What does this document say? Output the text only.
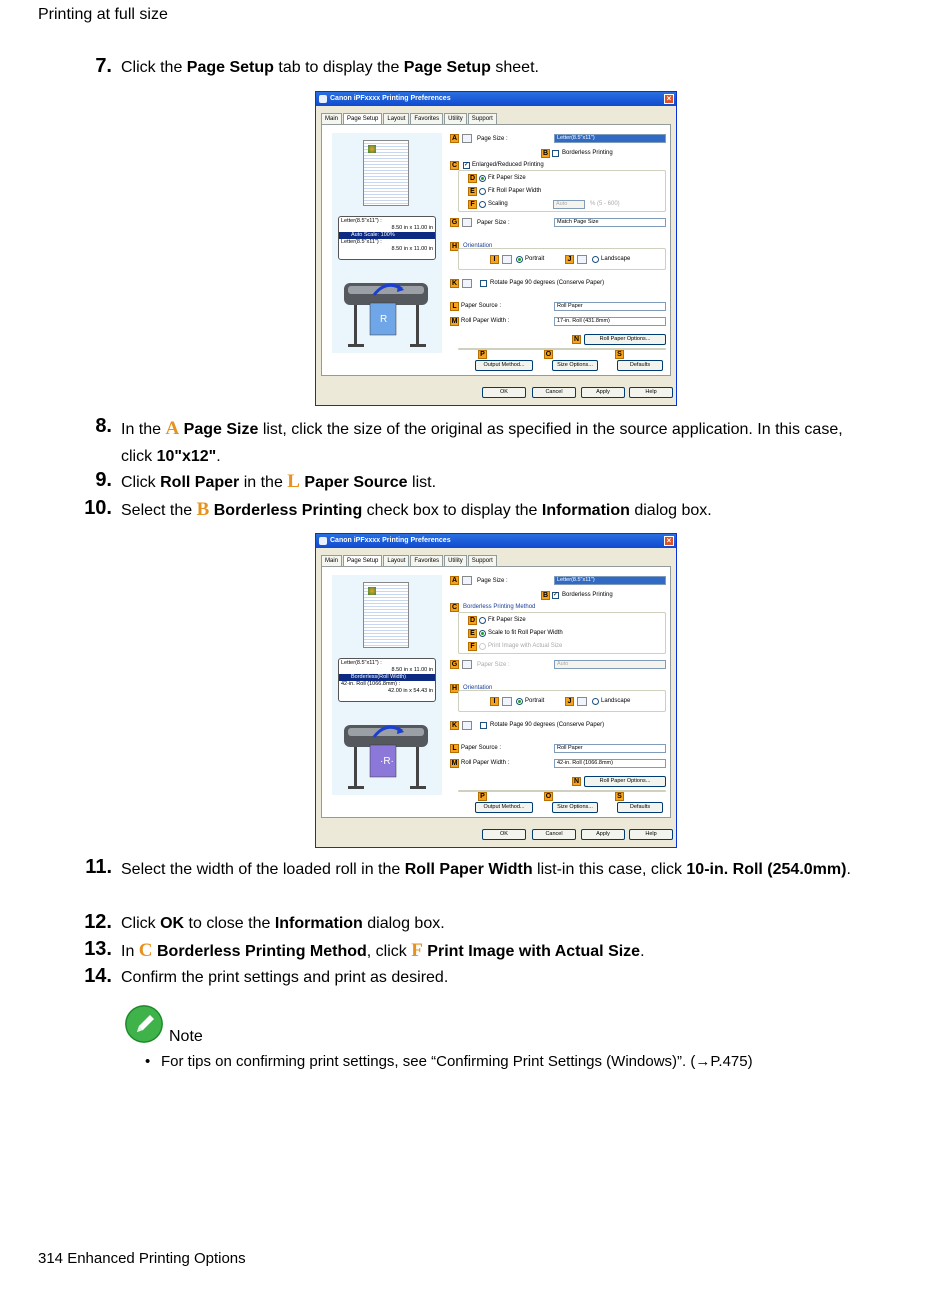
Printing at full size
7. Click the Page Setup tab to display the Page Setup sheet.
8. In the A Page Size list, click the size of the original as specified in the source application. In this case, click 10"x12".
9. Click Roll Paper in the L Paper Source list.
10. Select the B Borderless Printing check box to display the Information dialog box.
11. Select the width of the loaded roll in the Roll Paper Width list-in this case, click 10-in. Roll (254.0mm).
12. Click OK to close the Information dialog box.
13. In C Borderless Printing Method, click F Print Image with Actual Size.
14. Confirm the print settings and print as desired.
Canon iPFxxxx Printing Preferences	×
Main	Page Setup	Layout	Favorites	Utility	Support
Letter(8.5"x11") :
8.50 in x 11.00 in
Auto Scale: 100%
Letter(8.5"x11") :
8.50 in x 11.00 in
R
A	Page Size :	Letter(8.5"x11")
B	Borderless Printing
C	✓ Enlarged/Reduced Printing
D	Fit Paper Size
E	Fit Roll Paper Width
F	Scaling	Auto	% (5 - 600)
G	Paper Size :	Match Page Size
H Orientation
I	Portrait	J	Landscape
K	Rotate Page 90 degrees (Conserve Paper)
L Paper Source :	Roll Paper
M Roll Paper Width :	17-in. Roll (431.8mm)
N	Roll Paper Options...
P	O	S
Output Method...	Size Options...	Defaults
OK	Cancel	Apply	Help
Canon iPFxxxx Printing Preferences	×
Main	Page Setup	Layout	Favorites	Utility	Support
Letter(8.5"x11") :
8.50 in x 11.00 in
Borderless(Roll Width)
42-in. Roll (1066.8mm) :
42.00 in x 54.43 in
·R·
A	Page Size :	Letter(8.5"x11")
B ✓ Borderless Printing
C Borderless Printing Method
D	Fit Paper Size
E	Scale to fit Roll Paper Width
F	Print Image with Actual Size
G	Paper Size :	Auto
H Orientation
I	Portrait	J	Landscape
K	Rotate Page 90 degrees (Conserve Paper)
L Paper Source :	Roll Paper
M Roll Paper Width :	42-in. Roll (1066.8mm)
N	Roll Paper Options...
P	O	S
Output Method...	Size Options...	Defaults
OK	Cancel	Apply	Help
Note
• For tips on confirming print settings, see “Confirming Print Settings (Windows)”. (→P.475)
314 Enhanced Printing Options
